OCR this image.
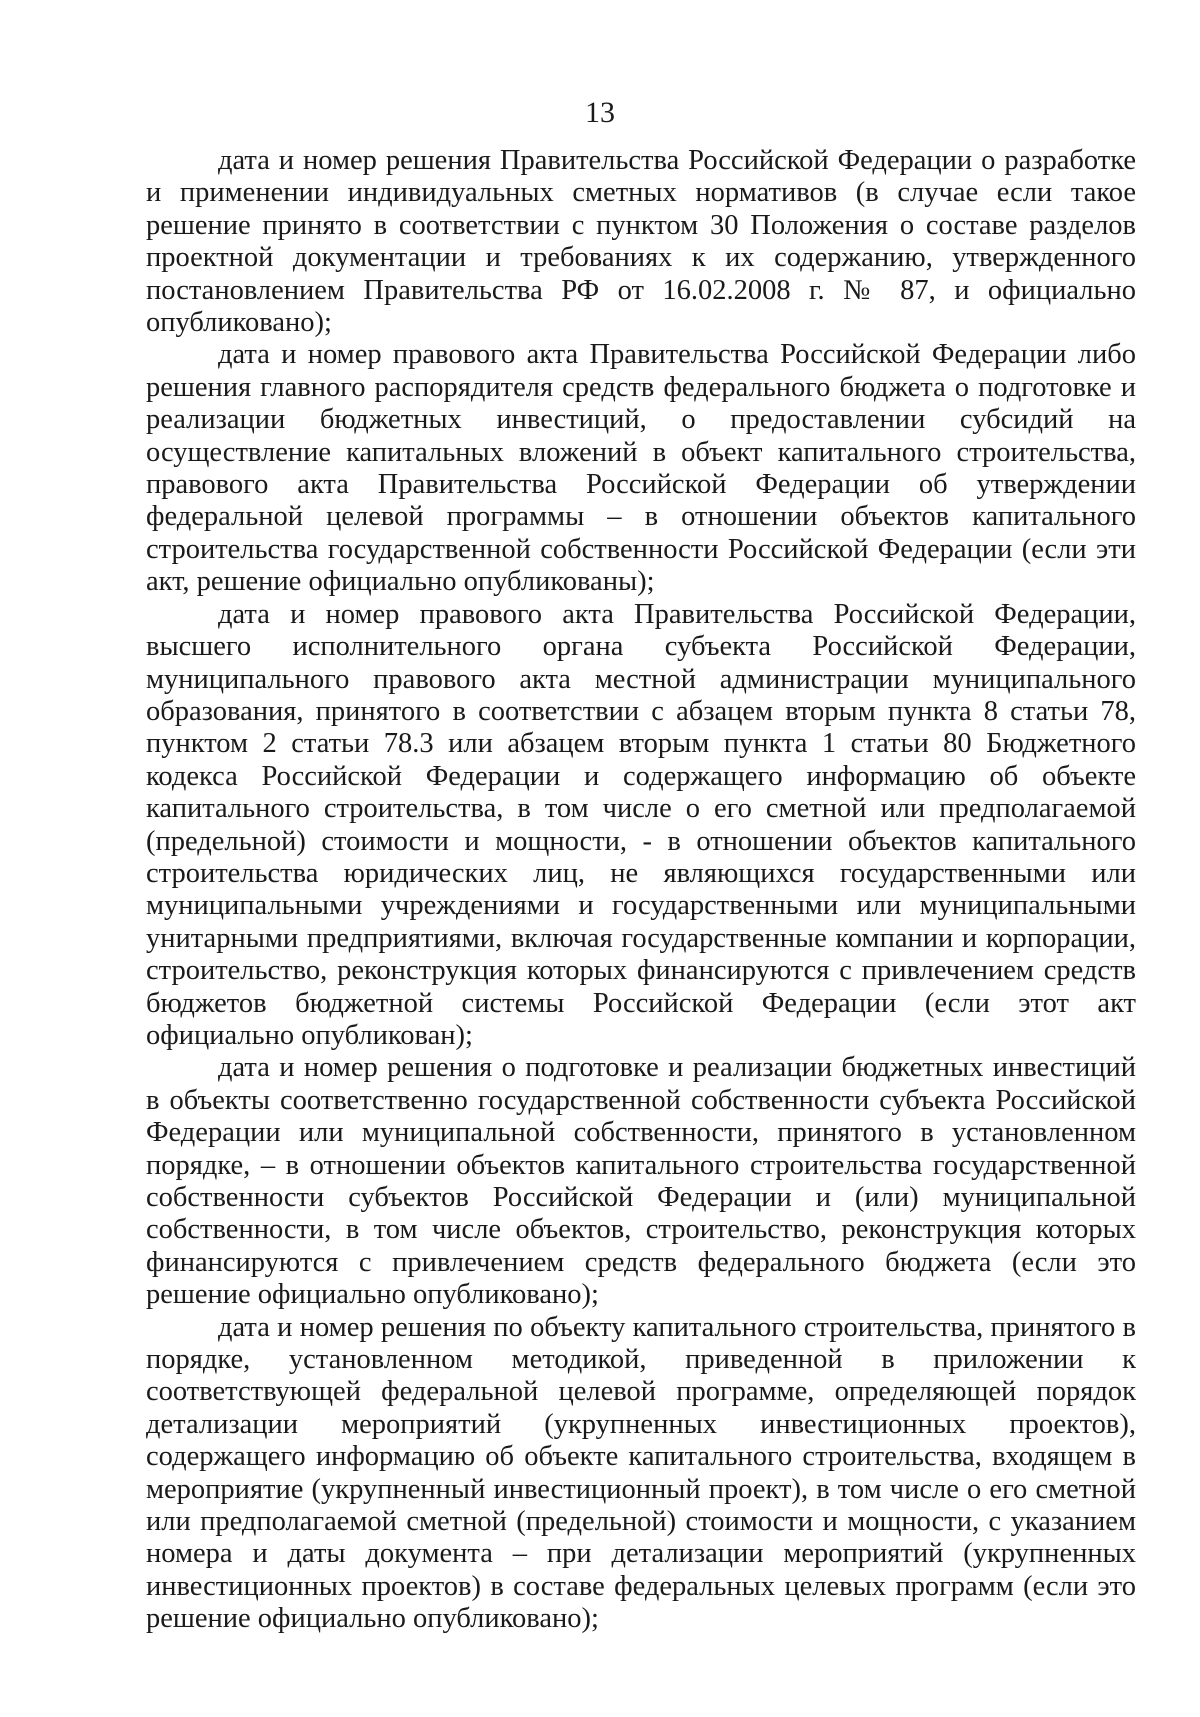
13

дата и номер решения Правительства Российской Федерации о разработке и применении индивидуальных сметных нормативов (в случае если такое решение принято в соответствии с пунктом 30 Положения о составе разделов проектной документации и требованиях к их содержанию, утвержденного постановлением Правительства РФ от 16.02.2008 г. № 87, и официально опубликовано);

дата и номер правового акта Правительства Российской Федерации либо решения главного распорядителя средств федерального бюджета о подготовке и реализации бюджетных инвестиций, о предоставлении субсидий на осуществление капитальных вложений в объект капитального строительства, правового акта Правительства Российской Федерации об утверждении федеральной целевой программы – в отношении объектов капитального строительства государственной собственности Российской Федерации (если эти акт, решение официально опубликованы);

дата и номер правового акта Правительства Российской Федерации, высшего исполнительного органа субъекта Российской Федерации, муниципального правового акта местной администрации муниципального образования, принятого в соответствии с абзацем вторым пункта 8 статьи 78, пунктом 2 статьи 78.3 или абзацем вторым пункта 1 статьи 80 Бюджетного кодекса Российской Федерации и содержащего информацию об объекте капитального строительства, в том числе о его сметной или предполагаемой (предельной) стоимости и мощности, - в отношении объектов капитального строительства юридических лиц, не являющихся государственными или муниципальными учреждениями и государственными или муниципальными унитарными предприятиями, включая государственные компании и корпорации, строительство, реконструкция которых финансируются с привлечением средств бюджетов бюджетной системы Российской Федерации (если этот акт официально опубликован);

дата и номер решения о подготовке и реализации бюджетных инвестиций в объекты соответственно государственной собственности субъекта Российской Федерации или муниципальной собственности, принятого в установленном порядке, – в отношении объектов капитального строительства государственной собственности субъектов Российской Федерации и (или) муниципальной собственности, в том числе объектов, строительство, реконструкция которых финансируются с привлечением средств федерального бюджета (если это решение официально опубликовано);

дата и номер решения по объекту капитального строительства, принятого в порядке, установленном методикой, приведенной в приложении к соответствующей федеральной целевой программе, определяющей порядок детализации мероприятий (укрупненных инвестиционных проектов), содержащего информацию об объекте капитального строительства, входящем в мероприятие (укрупненный инвестиционный проект), в том числе о его сметной или предполагаемой сметной (предельной) стоимости и мощности, с указанием номера и даты документа – при детализации мероприятий (укрупненных инвестиционных проектов) в составе федеральных целевых программ (если это решение официально опубликовано);
